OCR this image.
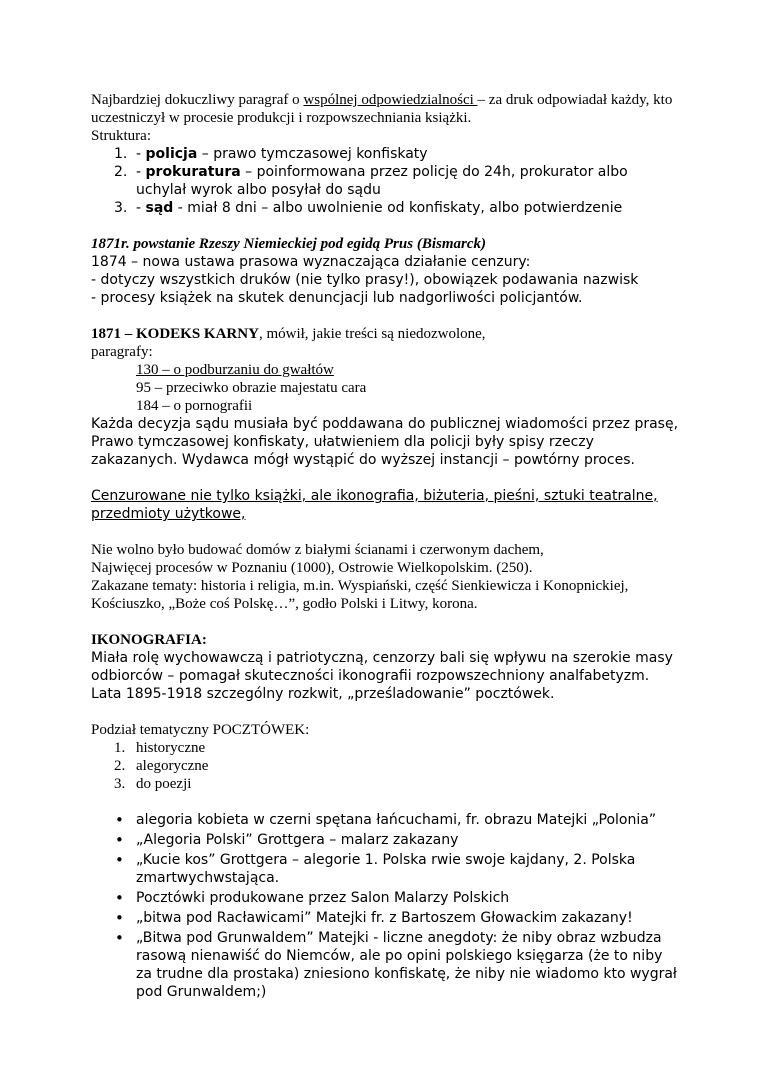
Najbardziej dokuczliwy paragraf o wspólnej odpowiedzialności – za druk odpowiadał każdy, kto uczestniczył w procesie produkcji i rozpowszechniania książki.

Struktura:

1. - policja – prawo tymczasowej konfiskaty
2. - prokuratura – poinformowana przez policję do 24h, prokurator albo uchylał wyrok albo posyłał do sądu
3. - sąd - miał 8 dni – albo uwolnienie od konfiskaty, albo potwierdzenie

1871r. powstanie Rzeszy Niemieckiej pod egidą Prus (Bismarck)

1874 – nowa ustawa prasowa wyznaczająca działanie cenzury:

- dotyczy wszystkich druków (nie tylko prasy!), obowiązek podawania nazwisk

- procesy książek na skutek denuncjacji lub nadgorliwości policjantów.

1871 – KODEKS KARNY, mówił, jakie treści są niedozwolone,

paragrafy:

130 – o podburzaniu do gwałtów
95 – przeciwko obrazie majestatu cara
184 – o pornografii

Każda decyzja sądu musiała być poddawana do publicznej wiadomości przez prasę, Prawo tymczasowej konfiskaty, ułatwieniem dla policji były spisy rzeczy zakazanych. Wydawca mógł wystąpić do wyższej instancji – powtórny proces.

Cenzurowane nie tylko książki, ale ikonografia, biżuteria, pieśni, sztuki teatralne, przedmioty użytkowe,

Nie wolno było budować domów z białymi ścianami i czerwonym dachem,

Najwięcej procesów w Poznaniu (1000), Ostrowie Wielkopolskim. (250).

Zakazane tematy: historia i religia, m.in. Wyspiański, część Sienkiewicza i Konopnickiej, Kościuszko, „Boże coś Polskę…”, godło Polski i Litwy, korona.

IKONOGRAFIA:

Miała rolę wychowawczą i patriotyczną, cenzorzy bali się wpływu na szerokie masy odbiorców – pomagał skuteczności ikonografii rozpowszechniony analfabetyzm. Lata 1895-1918 szczególny rozkwit, „prześladowanie” pocztówek.

Podział tematyczny POCZTÓWEK:

1. historyczne
2. alegoryczne
3. do poezji
• alegoria kobieta w czerni spętana łańcuchami, fr. obrazu Matejki „Polonia”
• „Alegoria Polski” Grottgera – malarz zakazany
• „Kucie kos” Grottgera – alegorie 1. Polska rwie swoje kajdany, 2. Polska zmartwychwstająca.
• Pocztówki produkowane przez Salon Malarzy Polskich
• „bitwa pod Racławicami” Matejki fr. z Bartoszem Głowackim zakazany!
• „Bitwa pod Grunwaldem” Matejki - liczne anegdoty: że niby obraz wzbudza rasową nienawiść do Niemców, ale po opini polskiego księgarza (że to niby za trudne dla prostaka) zniesiono konfiskatę, że niby nie wiadomo kto wygrał pod Grunwaldem;)
